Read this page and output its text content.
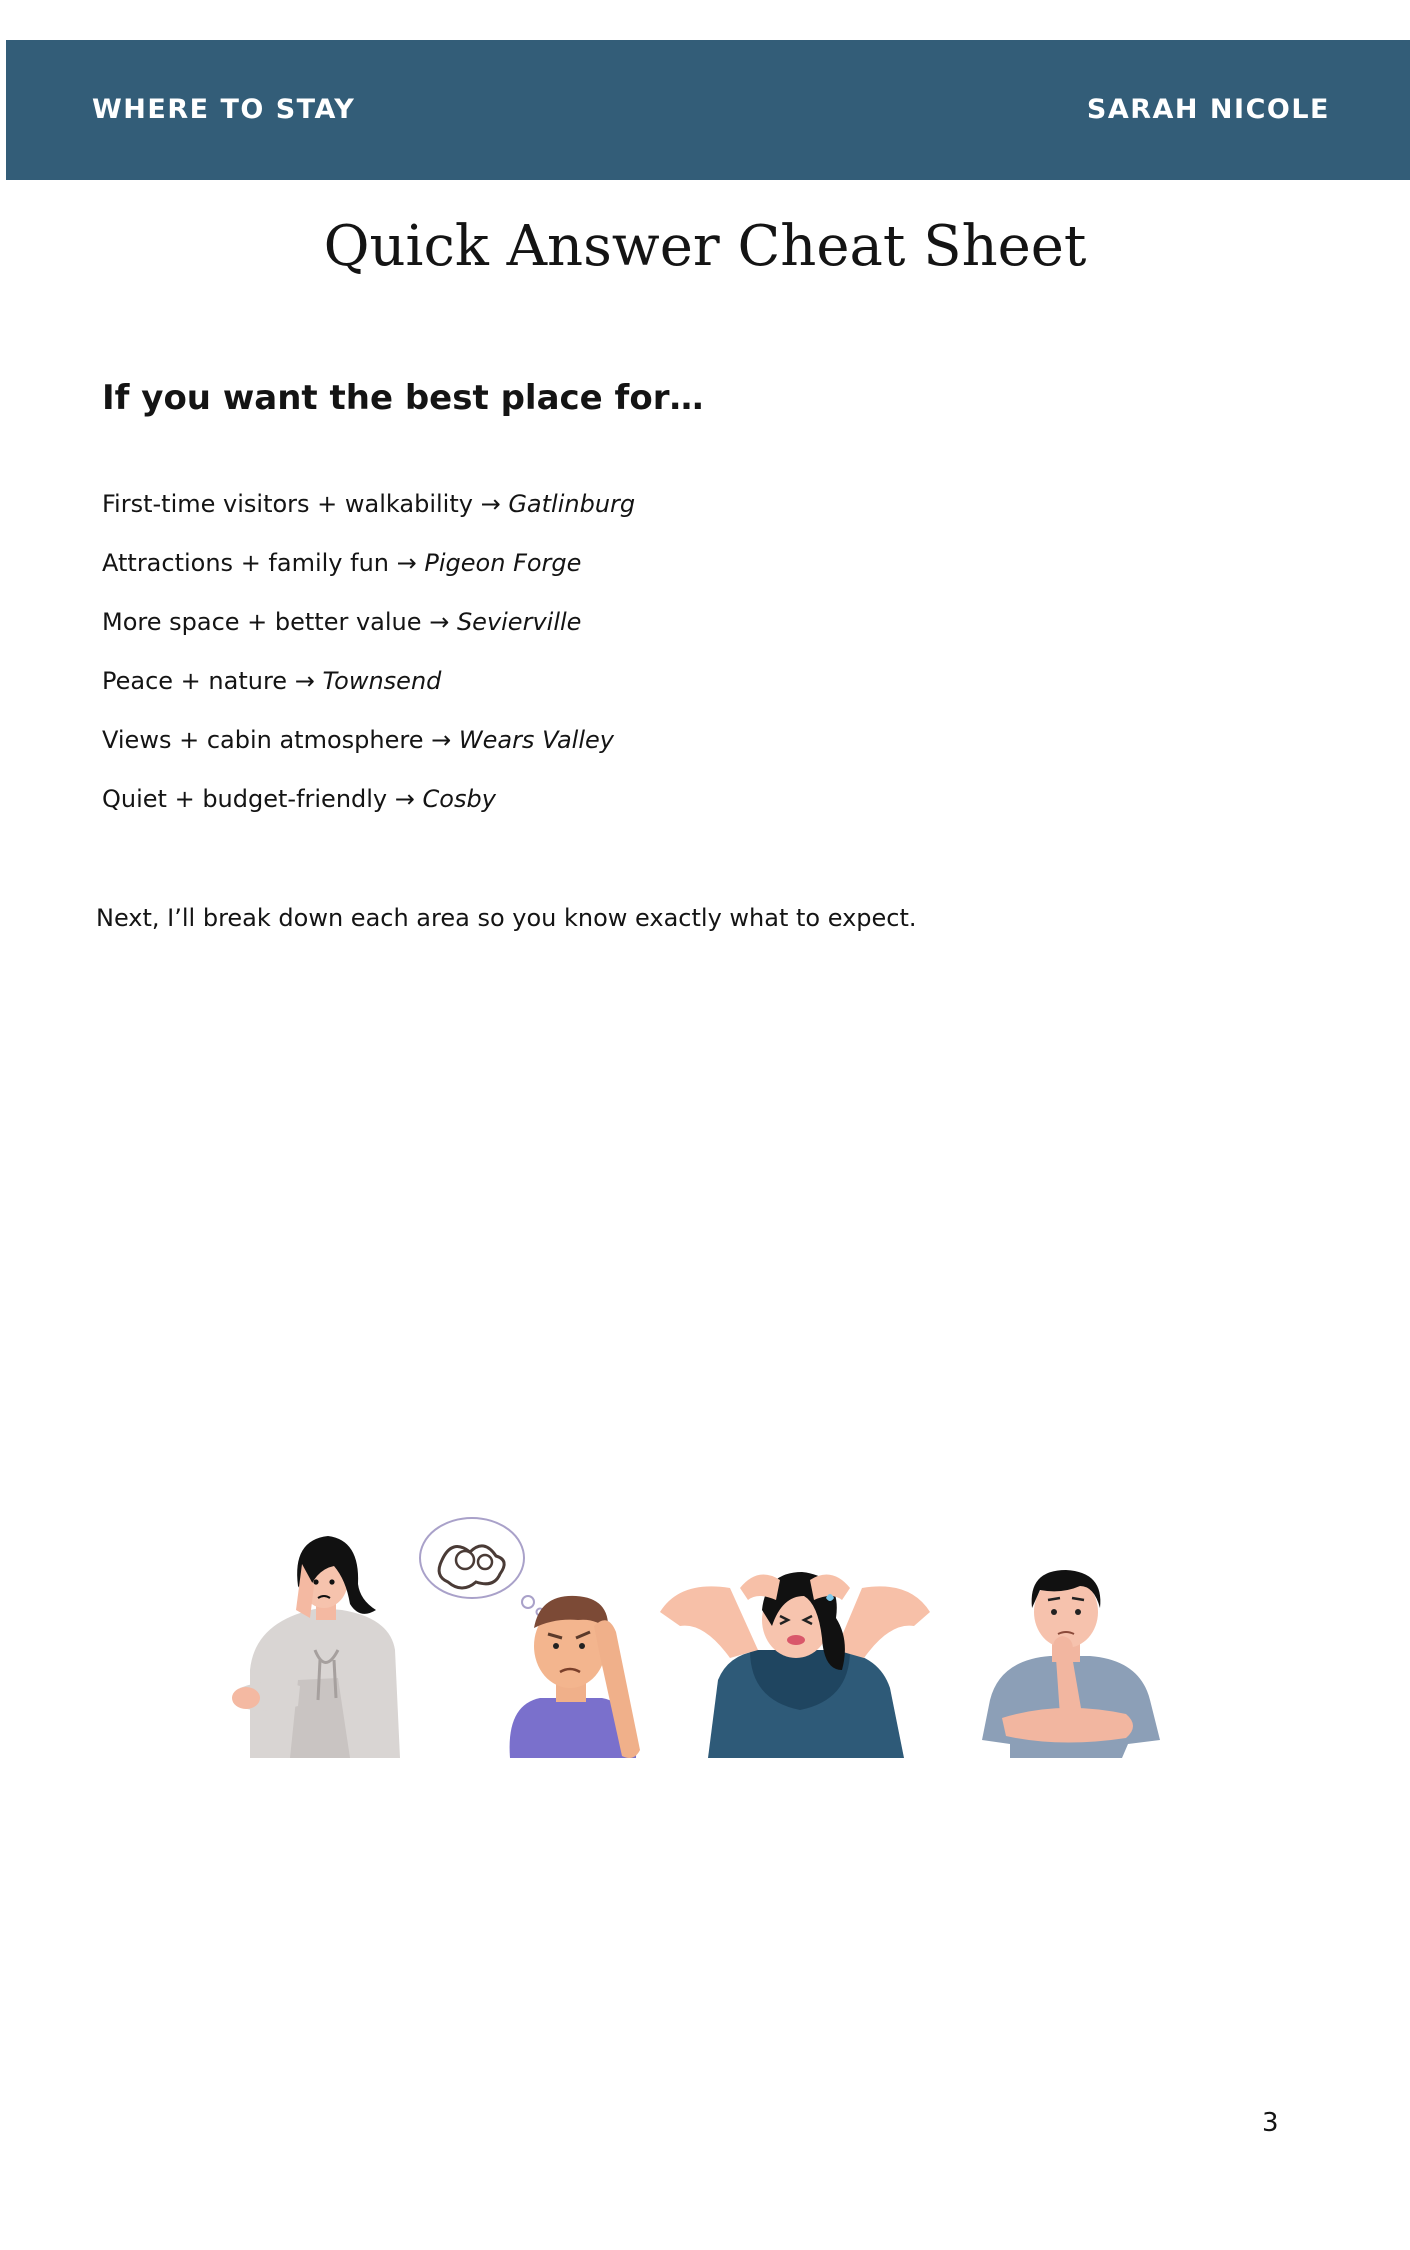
WHERE TO STAY	SARAH NICOLE
Quick Answer Cheat Sheet
If you want the best place for…
First-time visitors + walkability → Gatlinburg
Attractions + family fun → Pigeon Forge
More space + better value → Sevierville
Peace + nature → Townsend
Views + cabin atmosphere → Wears Valley
Quiet + budget-friendly → Cosby

Next, I’ll break down each area so you know exactly what to expect.

3
